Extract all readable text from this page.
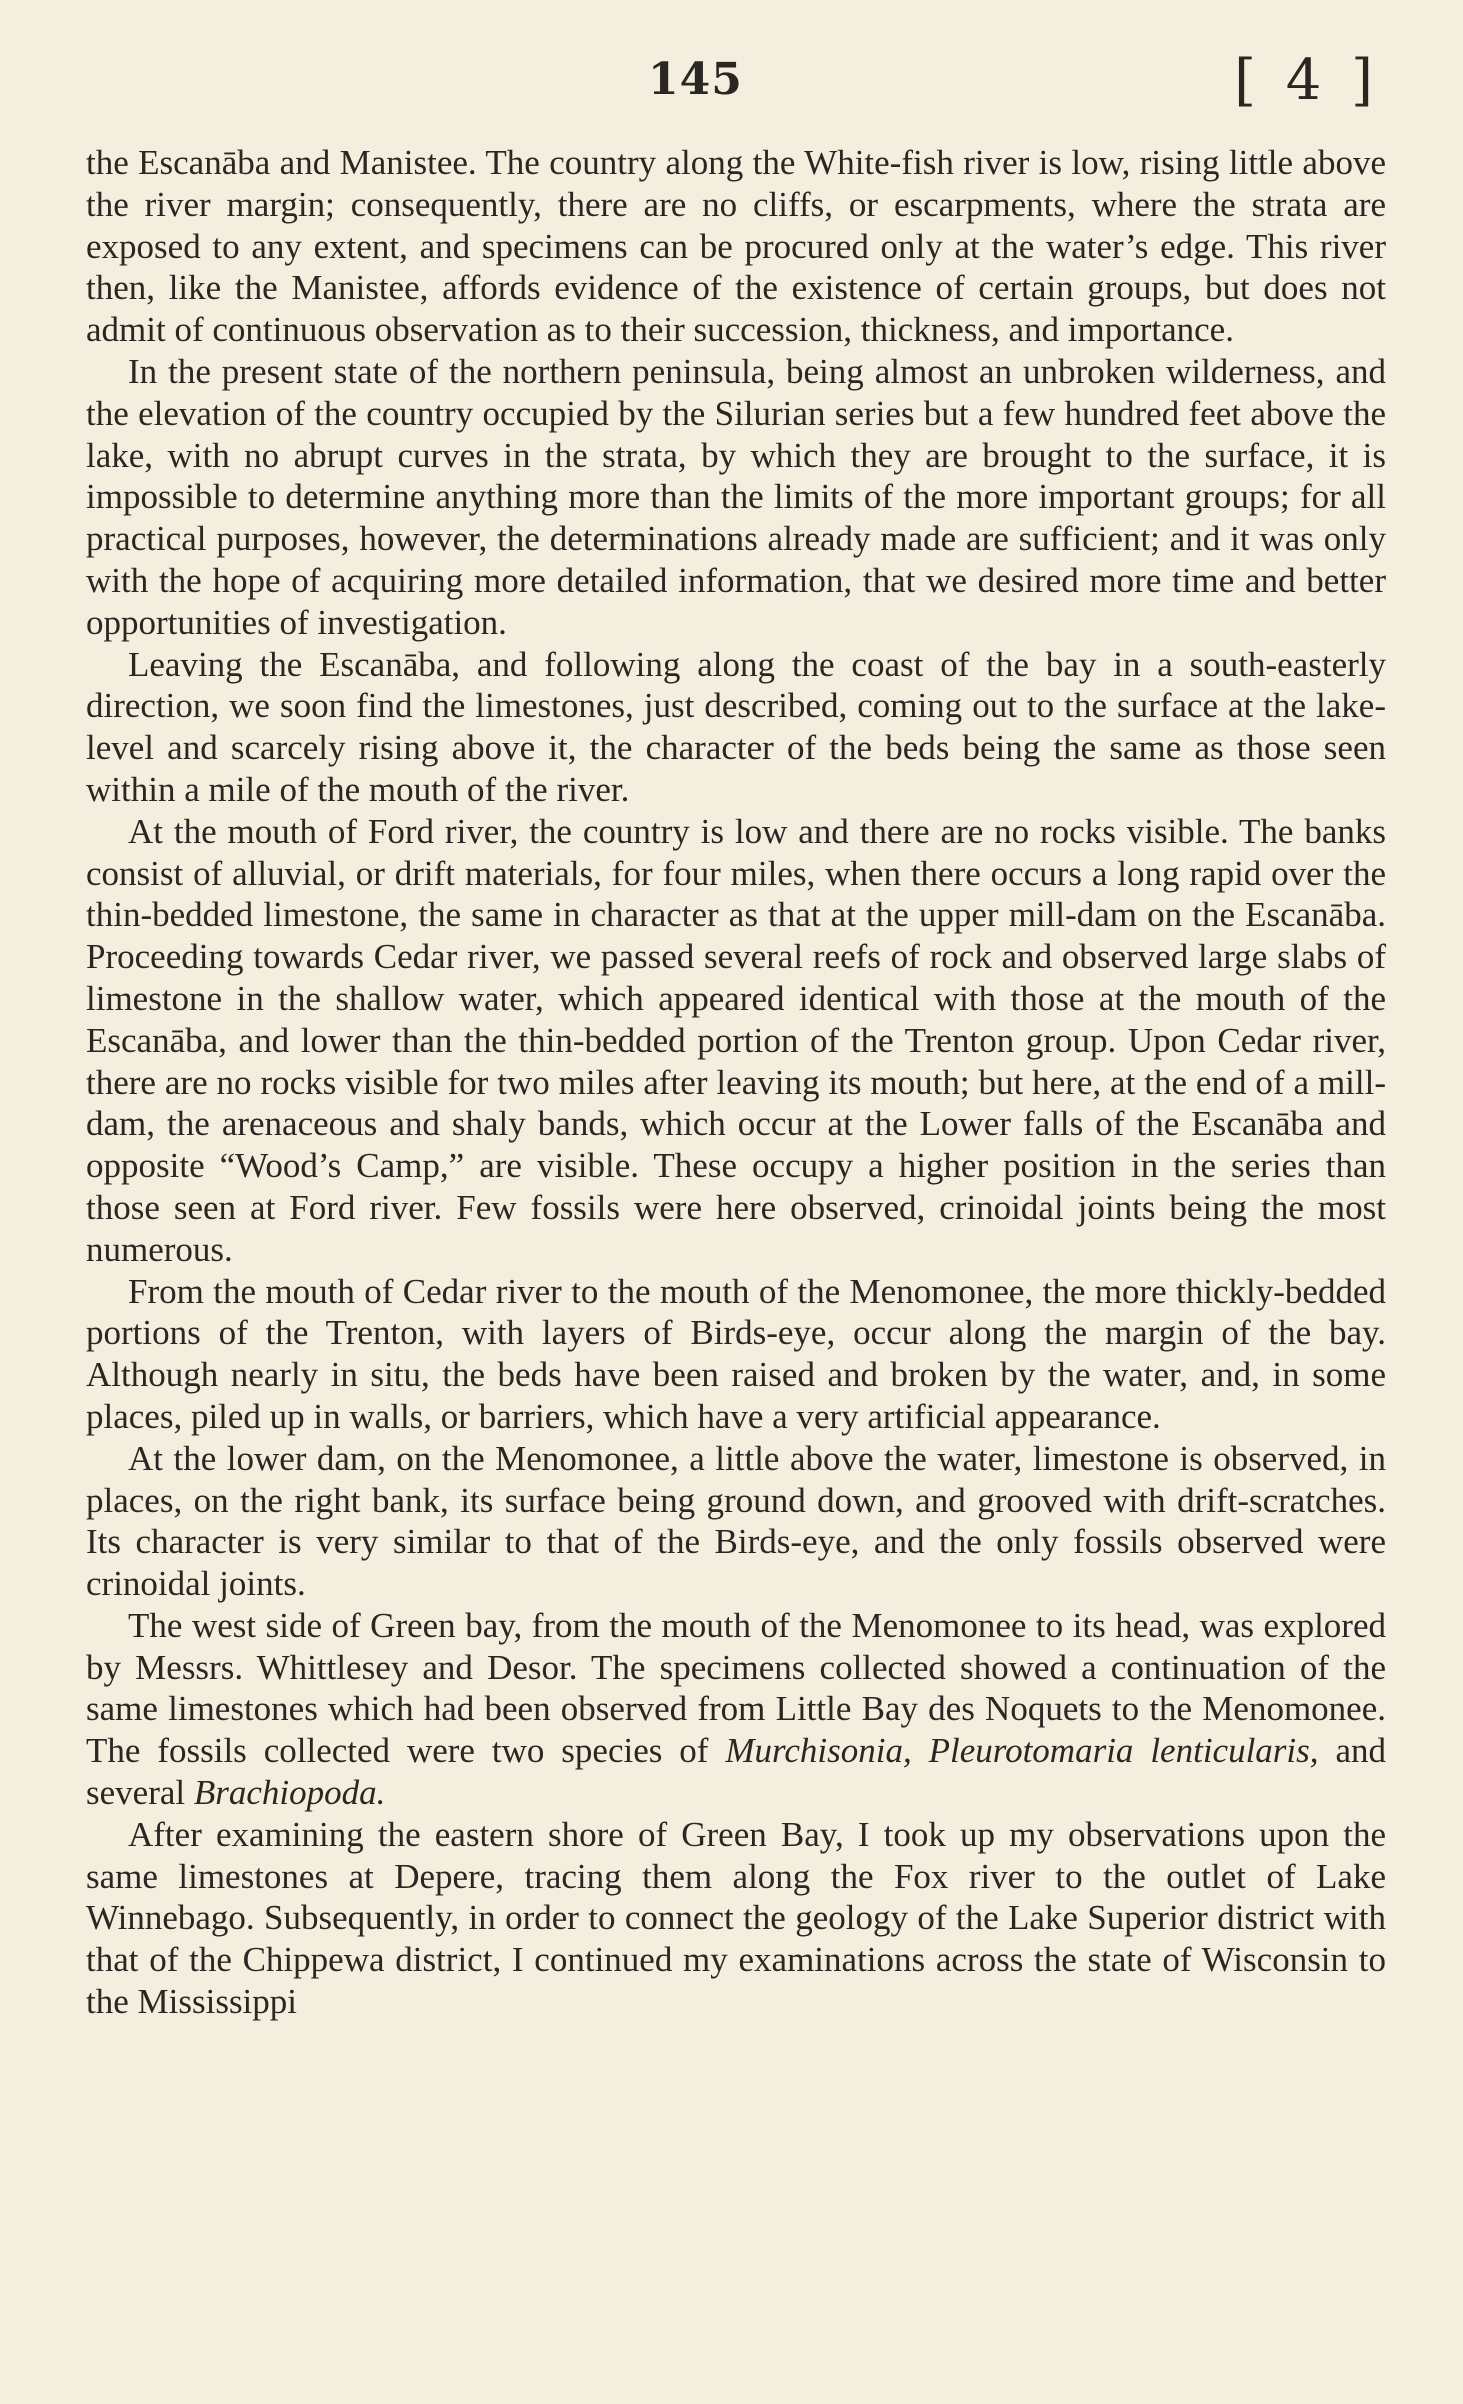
145	[ 4 ]

the Escanāba and Manistee. The country along the White-fish river is low, rising little above the river margin; consequently, there are no cliffs, or escarpments, where the strata are exposed to any extent, and specimens can be procured only at the water’s edge. This river then, like the Manistee, affords evidence of the existence of certain groups, but does not admit of continuous observation as to their succession, thickness, and importance.

In the present state of the northern peninsula, being almost an unbroken wilderness, and the elevation of the country occupied by the Silurian series but a few hundred feet above the lake, with no abrupt curves in the strata, by which they are brought to the surface, it is impossible to determine anything more than the limits of the more important groups; for all practical purposes, however, the determinations already made are sufficient; and it was only with the hope of acquiring more detailed information, that we desired more time and better opportunities of investigation.

Leaving the Escanāba, and following along the coast of the bay in a south-easterly direction, we soon find the limestones, just described, coming out to the surface at the lake-level and scarcely rising above it, the character of the beds being the same as those seen within a mile of the mouth of the river.

At the mouth of Ford river, the country is low and there are no rocks visible. The banks consist of alluvial, or drift materials, for four miles, when there occurs a long rapid over the thin-bedded limestone, the same in character as that at the upper mill-dam on the Escanāba. Proceeding towards Cedar river, we passed several reefs of rock and observed large slabs of limestone in the shallow water, which appeared identical with those at the mouth of the Escanāba, and lower than the thin-bedded portion of the Trenton group. Upon Cedar river, there are no rocks visible for two miles after leaving its mouth; but here, at the end of a mill-dam, the arenaceous and shaly bands, which occur at the Lower falls of the Escanāba and opposite “Wood’s Camp,” are visible. These occupy a higher position in the series than those seen at Ford river. Few fossils were here observed, crinoidal joints being the most numerous.

From the mouth of Cedar river to the mouth of the Menomonee, the more thickly-bedded portions of the Trenton, with layers of Birds-eye, occur along the margin of the bay. Although nearly in situ, the beds have been raised and broken by the water, and, in some places, piled up in walls, or barriers, which have a very artificial appearance.

At the lower dam, on the Menomonee, a little above the water, limestone is observed, in places, on the right bank, its surface being ground down, and grooved with drift-scratches. Its character is very similar to that of the Birds-eye, and the only fossils observed were crinoidal joints.

The west side of Green bay, from the mouth of the Menomonee to its head, was explored by Messrs. Whittlesey and Desor. The specimens collected showed a continuation of the same limestones which had been observed from Little Bay des Noquets to the Menomonee. The fossils collected were two species of Murchisonia, Pleurotomaria lenticularis, and several Brachiopoda.

After examining the eastern shore of Green Bay, I took up my observations upon the same limestones at Depere, tracing them along the Fox river to the outlet of Lake Winnebago. Subsequently, in order to connect the geology of the Lake Superior district with that of the Chippewa district, I continued my examinations across the state of Wisconsin to the Mississippi
